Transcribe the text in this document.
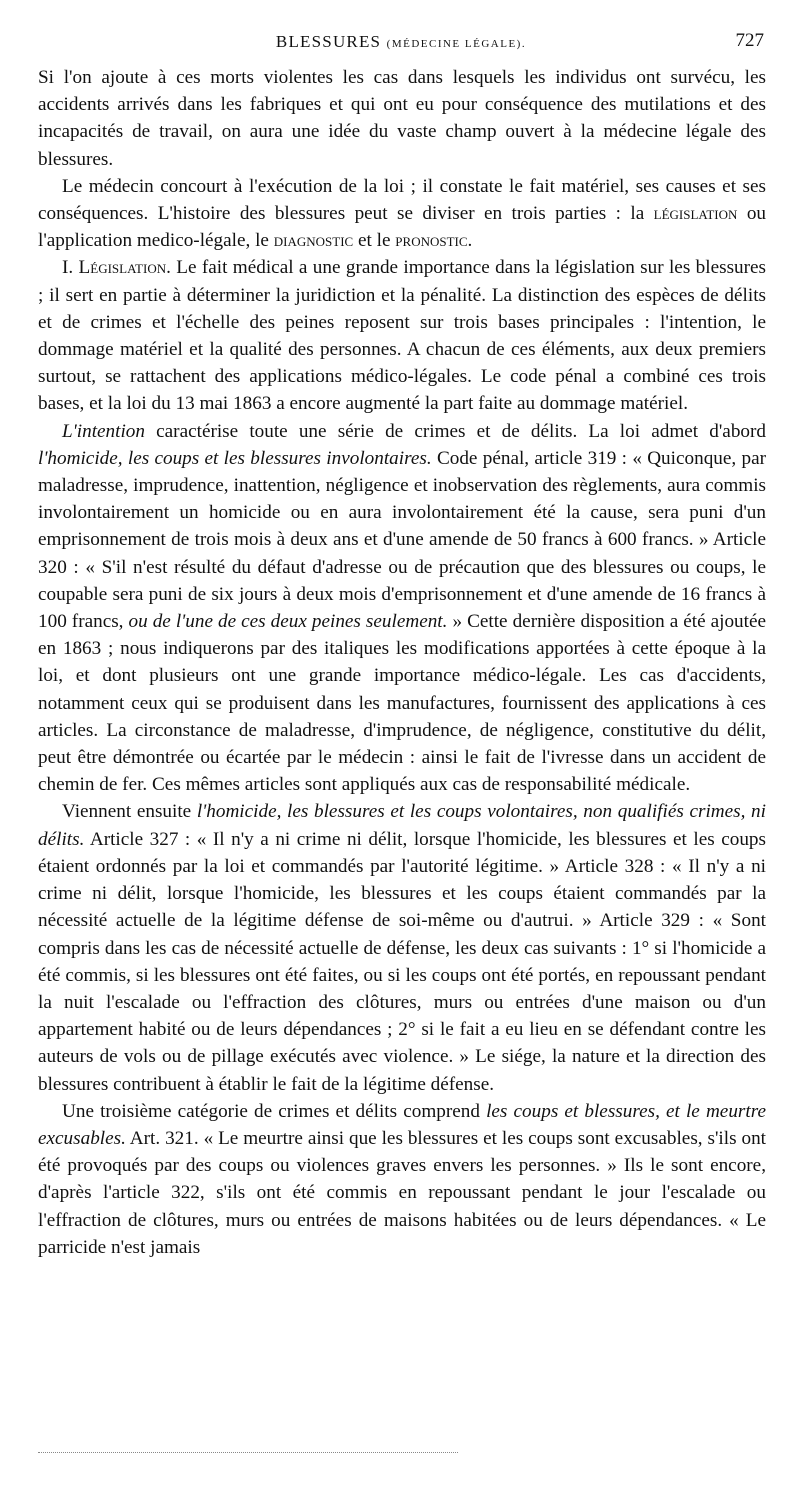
BLESSURES (MÉDECINE LÉGALE).	727

Si l'on ajoute à ces morts violentes les cas dans lesquels les individus ont survécu, les accidents arrivés dans les fabriques et qui ont eu pour conséquence des mutilations et des incapacités de travail, on aura une idée du vaste champ ouvert à la médecine légale des blessures.

Le médecin concourt à l'exécution de la loi ; il constate le fait matériel, ses causes et ses conséquences. L'histoire des blessures peut se diviser en trois parties : la législation ou l'application medico-légale, le diagnostic et le pronostic.

I. Législation. Le fait médical a une grande importance dans la législation sur les blessures ; il sert en partie à déterminer la juridiction et la pénalité. La distinction des espèces de délits et de crimes et l'échelle des peines reposent sur trois bases principales : l'intention, le dommage matériel et la qualité des personnes. A chacun de ces éléments, aux deux premiers surtout, se rattachent des applications médico-légales. Le code pénal a combiné ces trois bases, et la loi du 13 mai 1863 a encore augmenté la part faite au dommage matériel.

L'intention caractérise toute une série de crimes et de délits. La loi admet d'abord l'homicide, les coups et les blessures involontaires. Code pénal, article 319 : « Quiconque, par maladresse, imprudence, inattention, négligence et inobservation des règlements, aura commis involontairement un homicide ou en aura involontairement été la cause, sera puni d'un emprisonnement de trois mois à deux ans et d'une amende de 50 francs à 600 francs. » Article 320 : « S'il n'est résulté du défaut d'adresse ou de précaution que des blessures ou coups, le coupable sera puni de six jours à deux mois d'emprisonnement et d'une amende de 16 francs à 100 francs, ou de l'une de ces deux peines seulement. » Cette dernière disposition a été ajoutée en 1863 ; nous indiquerons par des italiques les modifications apportées à cette époque à la loi, et dont plusieurs ont une grande importance médico-légale. Les cas d'accidents, notamment ceux qui se produisent dans les manufactures, fournissent des applications à ces articles. La circonstance de maladresse, d'imprudence, de négligence, constitutive du délit, peut être démontrée ou écartée par le médecin : ainsi le fait de l'ivresse dans un accident de chemin de fer. Ces mêmes articles sont appliqués aux cas de responsabilité médicale.

Viennent ensuite l'homicide, les blessures et les coups volontaires, non qualifiés crimes, ni délits. Article 327 : « Il n'y a ni crime ni délit, lorsque l'homicide, les blessures et les coups étaient ordonnés par la loi et commandés par l'autorité légitime. » Article 328 : « Il n'y a ni crime ni délit, lorsque l'homicide, les blessures et les coups étaient commandés par la nécessité actuelle de la légitime défense de soi-même ou d'autrui. » Article 329 : « Sont compris dans les cas de nécessité actuelle de défense, les deux cas suivants : 1° si l'homicide a été commis, si les blessures ont été faites, ou si les coups ont été portés, en repoussant pendant la nuit l'escalade ou l'effraction des clôtures, murs ou entrées d'une maison ou d'un appartement habité ou de leurs dépendances ; 2° si le fait a eu lieu en se défendant contre les auteurs de vols ou de pillage exécutés avec violence. » Le siége, la nature et la direction des blessures contribuent à établir le fait de la légitime défense.

Une troisième catégorie de crimes et délits comprend les coups et blessures, et le meurtre excusables. Art. 321. « Le meurtre ainsi que les blessures et les coups sont excusables, s'ils ont été provoqués par des coups ou violences graves envers les personnes. » Ils le sont encore, d'après l'article 322, s'ils ont été commis en repoussant pendant le jour l'escalade ou l'effraction de clôtures, murs ou entrées de maisons habitées ou de leurs dépendances. « Le parricide n'est jamais
